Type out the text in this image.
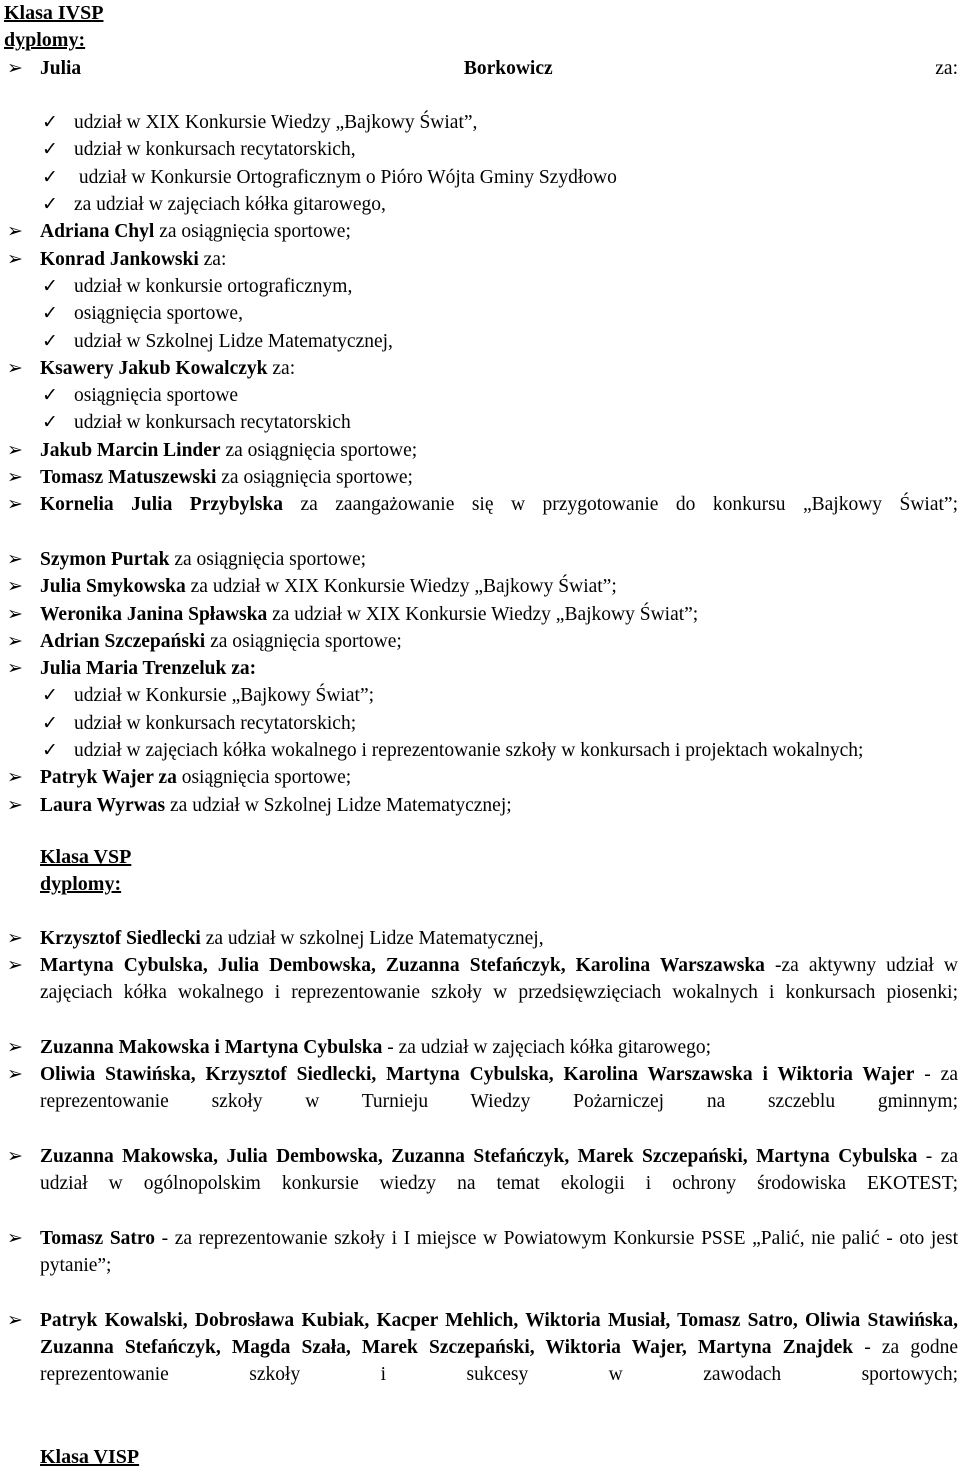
Klasa IVSP
dyplomy:
➢ Julia Borkowicz za:
✓ udział w XIX Konkursie Wiedzy „Bajkowy Świat”,
✓ udział w konkursach recytatorskich,
✓ udział w Konkursie Ortograficznym o Pióro Wójta Gminy Szydłowo
✓ za udział w zajęciach kółka gitarowego,
➢ Adriana Chyl za osiągnięcia sportowe;
➢ Konrad Jankowski za:
✓ udział w konkursie ortograficznym,
✓ osiągnięcia sportowe,
✓ udział w Szkolnej Lidze Matematycznej,
➢ Ksawery Jakub Kowalczyk za:
✓ osiągnięcia sportowe
✓ udział w konkursach recytatorskich
➢ Jakub Marcin Linder za osiągnięcia sportowe;
➢ Tomasz Matuszewski za osiągnięcia sportowe;
➢ Kornelia Julia Przybylska za zaangażowanie się w przygotowanie do konkursu „Bajkowy Świat”;
➢ Szymon Purtak za osiągnięcia sportowe;
➢ Julia Smykowska za udział w XIX Konkursie Wiedzy „Bajkowy Świat”;
➢ Weronika Janina Spławska za udział w XIX Konkursie Wiedzy „Bajkowy Świat”;
➢ Adrian Szczepański za osiągnięcia sportowe;
➢ Julia Maria Trenzeluk za:
✓ udział w Konkursie „Bajkowy Świat”;
✓ udział w konkursach recytatorskich;
✓ udział w zajęciach kółka wokalnego i reprezentowanie szkoły w konkursach i projektach wokalnych;
➢ Patryk Wajer za osiągnięcia sportowe;
➢ Laura Wyrwas za udział w Szkolnej Lidze Matematycznej;
Klasa VSP
dyplomy:
➢ Krzysztof Siedlecki za udział w szkolnej Lidze Matematycznej,
➢ Martyna Cybulska, Julia Dembowska, Zuzanna Stefańczyk, Karolina Warszawska -za aktywny udział w zajęciach kółka wokalnego i reprezentowanie szkoły w przedsięwzięciach wokalnych i konkursach piosenki;
➢ Zuzanna Makowska i Martyna Cybulska - za udział w zajęciach kółka gitarowego;
➢ Oliwia Stawińska, Krzysztof Siedlecki, Martyna Cybulska, Karolina Warszawska i Wiktoria Wajer - za reprezentowanie szkoły w Turnieju Wiedzy Pożarniczej na szczeblu gminnym;
➢ Zuzanna Makowska, Julia Dembowska, Zuzanna Stefańczyk, Marek Szczepański, Martyna Cybulska - za udział w ogólnopolskim konkursie wiedzy na temat ekologii i ochrony środowiska EKOTEST;
➢ Tomasz Satro - za reprezentowanie szkoły i I miejsce w Powiatowym Konkursie PSSE „Palić, nie palić - oto jest pytanie”;
➢ Patryk Kowalski, Dobrosława Kubiak, Kacper Mehlich, Wiktoria Musiał, Tomasz Satro, Oliwia Stawińska, Zuzanna Stefańczyk, Magda Szała, Marek Szczepański, Wiktoria Wajer, Martyna Znajdek - za godne reprezentowanie szkoły i sukcesy w zawodach sportowych;
Klasa VISP
